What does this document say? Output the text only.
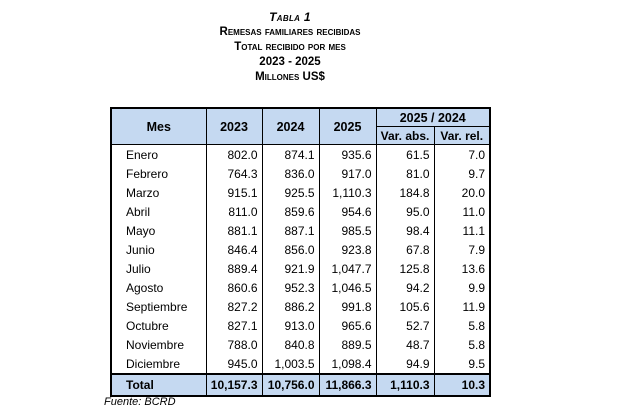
Tabla 1
Remesas familiares recibidas
Total recibido por mes
2023 - 2025
Millones US$
Mes	2023	2024	2025	2025 / 2024	
				Var. abs.	Var. rel.
Enero	802.0	874.1	935.6	61.5	7.0
Febrero	764.3	836.0	917.0	81.0	9.7
Marzo	915.1	925.5	1,110.3	184.8	20.0
Abril	811.0	859.6	954.6	95.0	11.0
Mayo	881.1	887.1	985.5	98.4	11.1
Junio	846.4	856.0	923.8	67.8	7.9
Julio	889.4	921.9	1,047.7	125.8	13.6
Agosto	860.6	952.3	1,046.5	94.2	9.9
Septiembre	827.2	886.2	991.8	105.6	11.9
Octubre	827.1	913.0	965.6	52.7	5.8
Noviembre	788.0	840.8	889.5	48.7	5.8
Diciembre	945.0	1,003.5	1,098.4	94.9	9.5
Total	10,157.3	10,756.0	11,866.3	1,110.3	10.3
Fuente: BCRD
